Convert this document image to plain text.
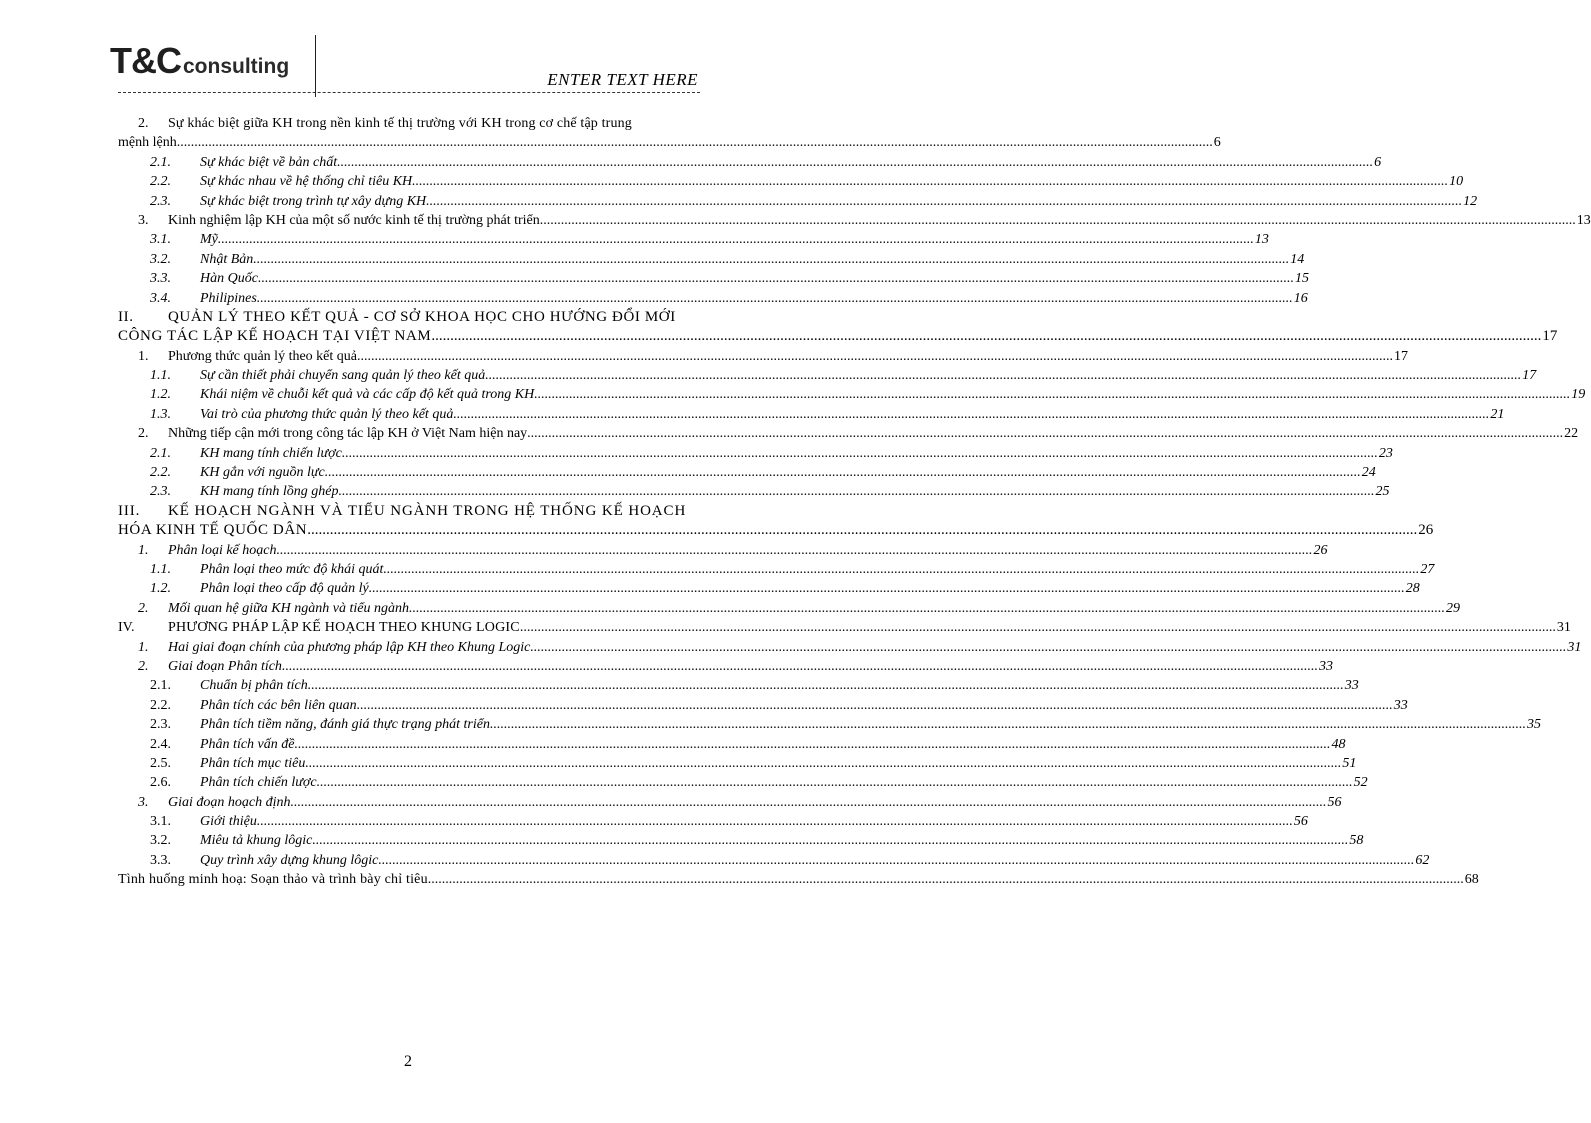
T&Cconsulting
ENTER TEXT HERE
2. Sự khác biệt giữa KH trong nền kinh tế thị trường với KH trong cơ chế tập trung
mệnh lệnh .....	6
2.1.	Sự khác biệt về bản chất .....	6
2.2.	Sự khác nhau về hệ thống chỉ tiêu KH .....	10
2.3.	Sự khác biệt trong trình tự xây dựng KH .....	12
3.	Kinh nghiệm lập KH của một số nước kinh tế thị trường phát triển .....	13
3.1.	Mỹ .....	13
3.2.	Nhật Bản .....	14
3.3.	Hàn Quốc .....	15
3.4.	Philipines .....	16
II. QUẢN LÝ THEO KẾT QUẢ - CƠ SỞ KHOA HỌC CHO HƯỚNG ĐỔI MỚI
CÔNG TÁC LẬP KẾ HOẠCH TẠI VIỆT NAM .....	17
1.	Phương thức quản lý theo kết quả .....	17
1.1.	Sự cần thiết phải chuyển sang quản lý theo kết quả .....	17
1.2.	Khái niệm về chuỗi kết quả và các cấp độ kết quả trong KH .....	19
1.3.	Vai trò của phương thức quản lý theo kết quả .....	21
2.	Những tiếp cận mới trong công tác lập KH ở Việt Nam hiện nay .....	22
2.1.	KH mang tính chiến lược .....	23
2.2.	KH gắn với nguồn lực .....	24
2.3.	KH mang tính lồng ghép .....	25
III. KẾ HOẠCH NGÀNH VÀ TIỂU NGÀNH TRONG HỆ THỐNG KẾ HOẠCH
HÓA KINH TẾ QUỐC DÂN .....	26
1.	Phân loại kế hoạch .....	26
1.1.	Phân loại theo mức độ khái quát .....	27
1.2.	Phân loại theo cấp độ quản lý .....	28
2.	Mối quan hệ giữa KH ngành và tiểu ngành .....	29
IV.	PHƯƠNG PHÁP LẬP KẾ HOẠCH THEO KHUNG LOGIC .....	31
1.	Hai giai đoạn chính của phương pháp lập KH theo Khung Logic .....	31
2.	Giai đoạn Phân tích .....	33
2.1.	Chuẩn bị phân tích .....	33
2.2.	Phân tích các bên liên quan .....	33
2.3.	Phân tích tiềm năng, đánh giá thực trạng phát triển .....	35
2.4.	Phân tích vấn đề .....	48
2.5.	Phân tích mục tiêu .....	51
2.6.	Phân tích chiến lược .....	52
3.	Giai đoạn hoạch định .....	56
3.1.	Giới thiệu .....	56
3.2.	Miêu tả khung lôgic .....	58
3.3.	Quy trình xây dựng khung lôgic .....	62
Tình huống minh hoạ: Soạn thảo và trình bày chỉ tiêu .....	68
2
